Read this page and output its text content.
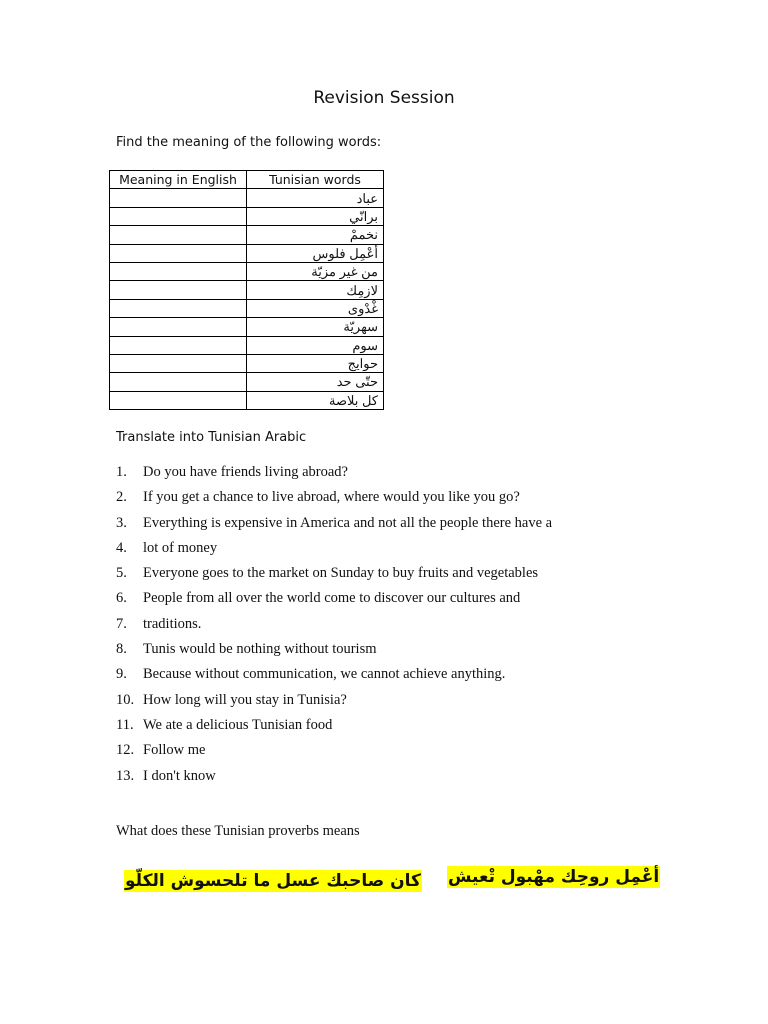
Revision Session
Find the meaning of the following words:
Meaning in English	Tunisian words
	عباد
	برانّي
	نخممْ
	أعْمِل فلوس
	من غير مزيّة
	لازمِك
	غْدْوى
	سهريّة
	سوم
	حوايج
	حتّى حد
	كل بلاصة
Translate into Tunisian Arabic
1.	Do you have friends living abroad?
2.	If you get a chance to live abroad, where would you like you go?
3.	Everything is expensive in America and not all the people there have a
4.	lot of money
5.	Everyone goes to the market on Sunday to buy fruits and vegetables
6.	People from all over the world come to discover our cultures and
7.	traditions.
8.	Tunis would be nothing without tourism
9.	Because without communication, we cannot achieve anything.
10. How long will you stay in Tunisia?
11. We ate a delicious Tunisian food
12. Follow me
13. I don't know
What does these Tunisian proverbs means
كان صاحبك عسل ما تلحسوش الكلّو أعْمِل روحِك مهْبول تْعيش
